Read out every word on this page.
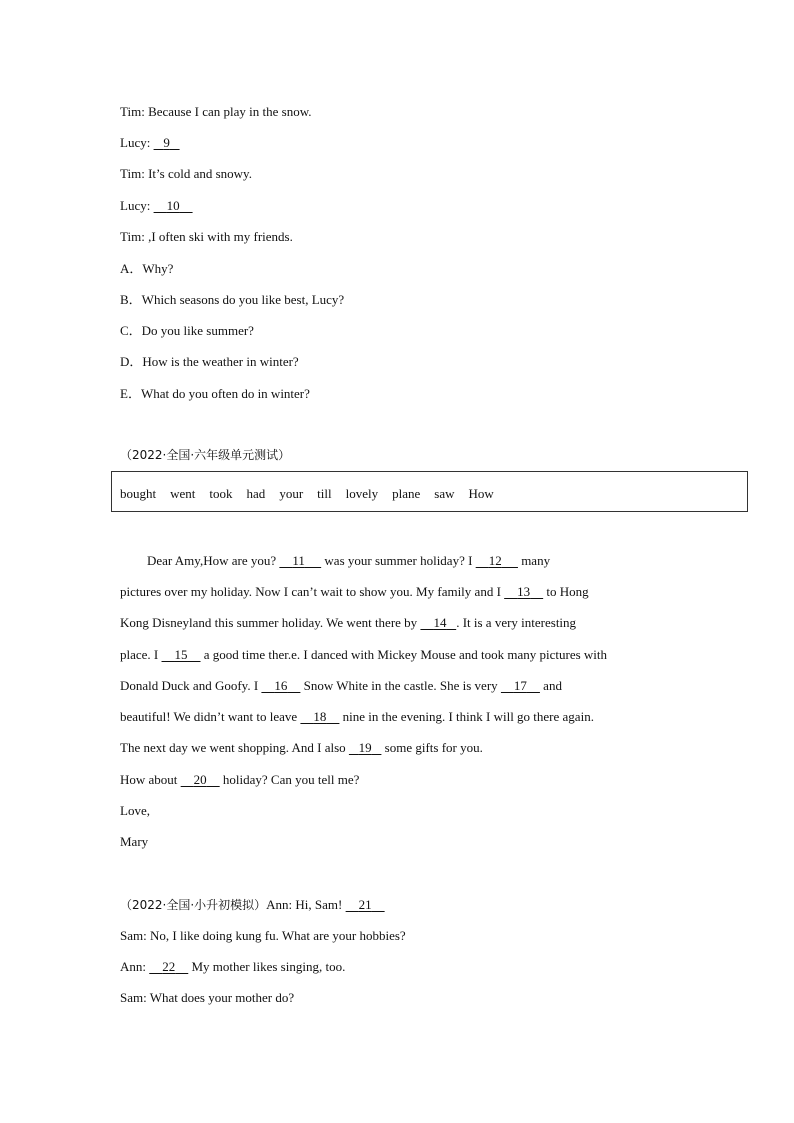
Tim: Because I can play in the snow.
Lucy: 9
Tim: It’s cold and snowy.
Lucy: 10
Tim: ,I often ski with my friends.
A．Why?
B．Which seasons do you like best, Lucy?
C．Do you like summer?
D．How is the weather in winter?
E．What do you often do in winter?
（2022·全国·六年级单元测试）
bought went took had your till lovely plane saw How
Dear Amy,How are you?     11      was your summer holiday? I     12      many
pictures over my holiday. Now I can’t wait to show you. My family and I     13     to Hong
Kong Disneyland this summer holiday. We went there by     14 . It is a very interesting
place. I     15     a good time ther.e. I danced with Mickey Mouse and took many pictures with
Donald Duck and Goofy. I     16     Snow White in the castle. She is very     17     and
beautiful! We didn’t want to leave     18     nine in the evening. I think I will go there again.
The next day we went shopping. And I also    19    some gifts for you.
How about     20     holiday? Can you tell me?
Love,
Mary
（2022·全国·小升初模拟）Ann: Hi, Sam!     21
Sam: No, I like doing kung fu. What are your hobbies?
Ann:     22     My mother likes singing, too.
Sam: What does your mother do?
